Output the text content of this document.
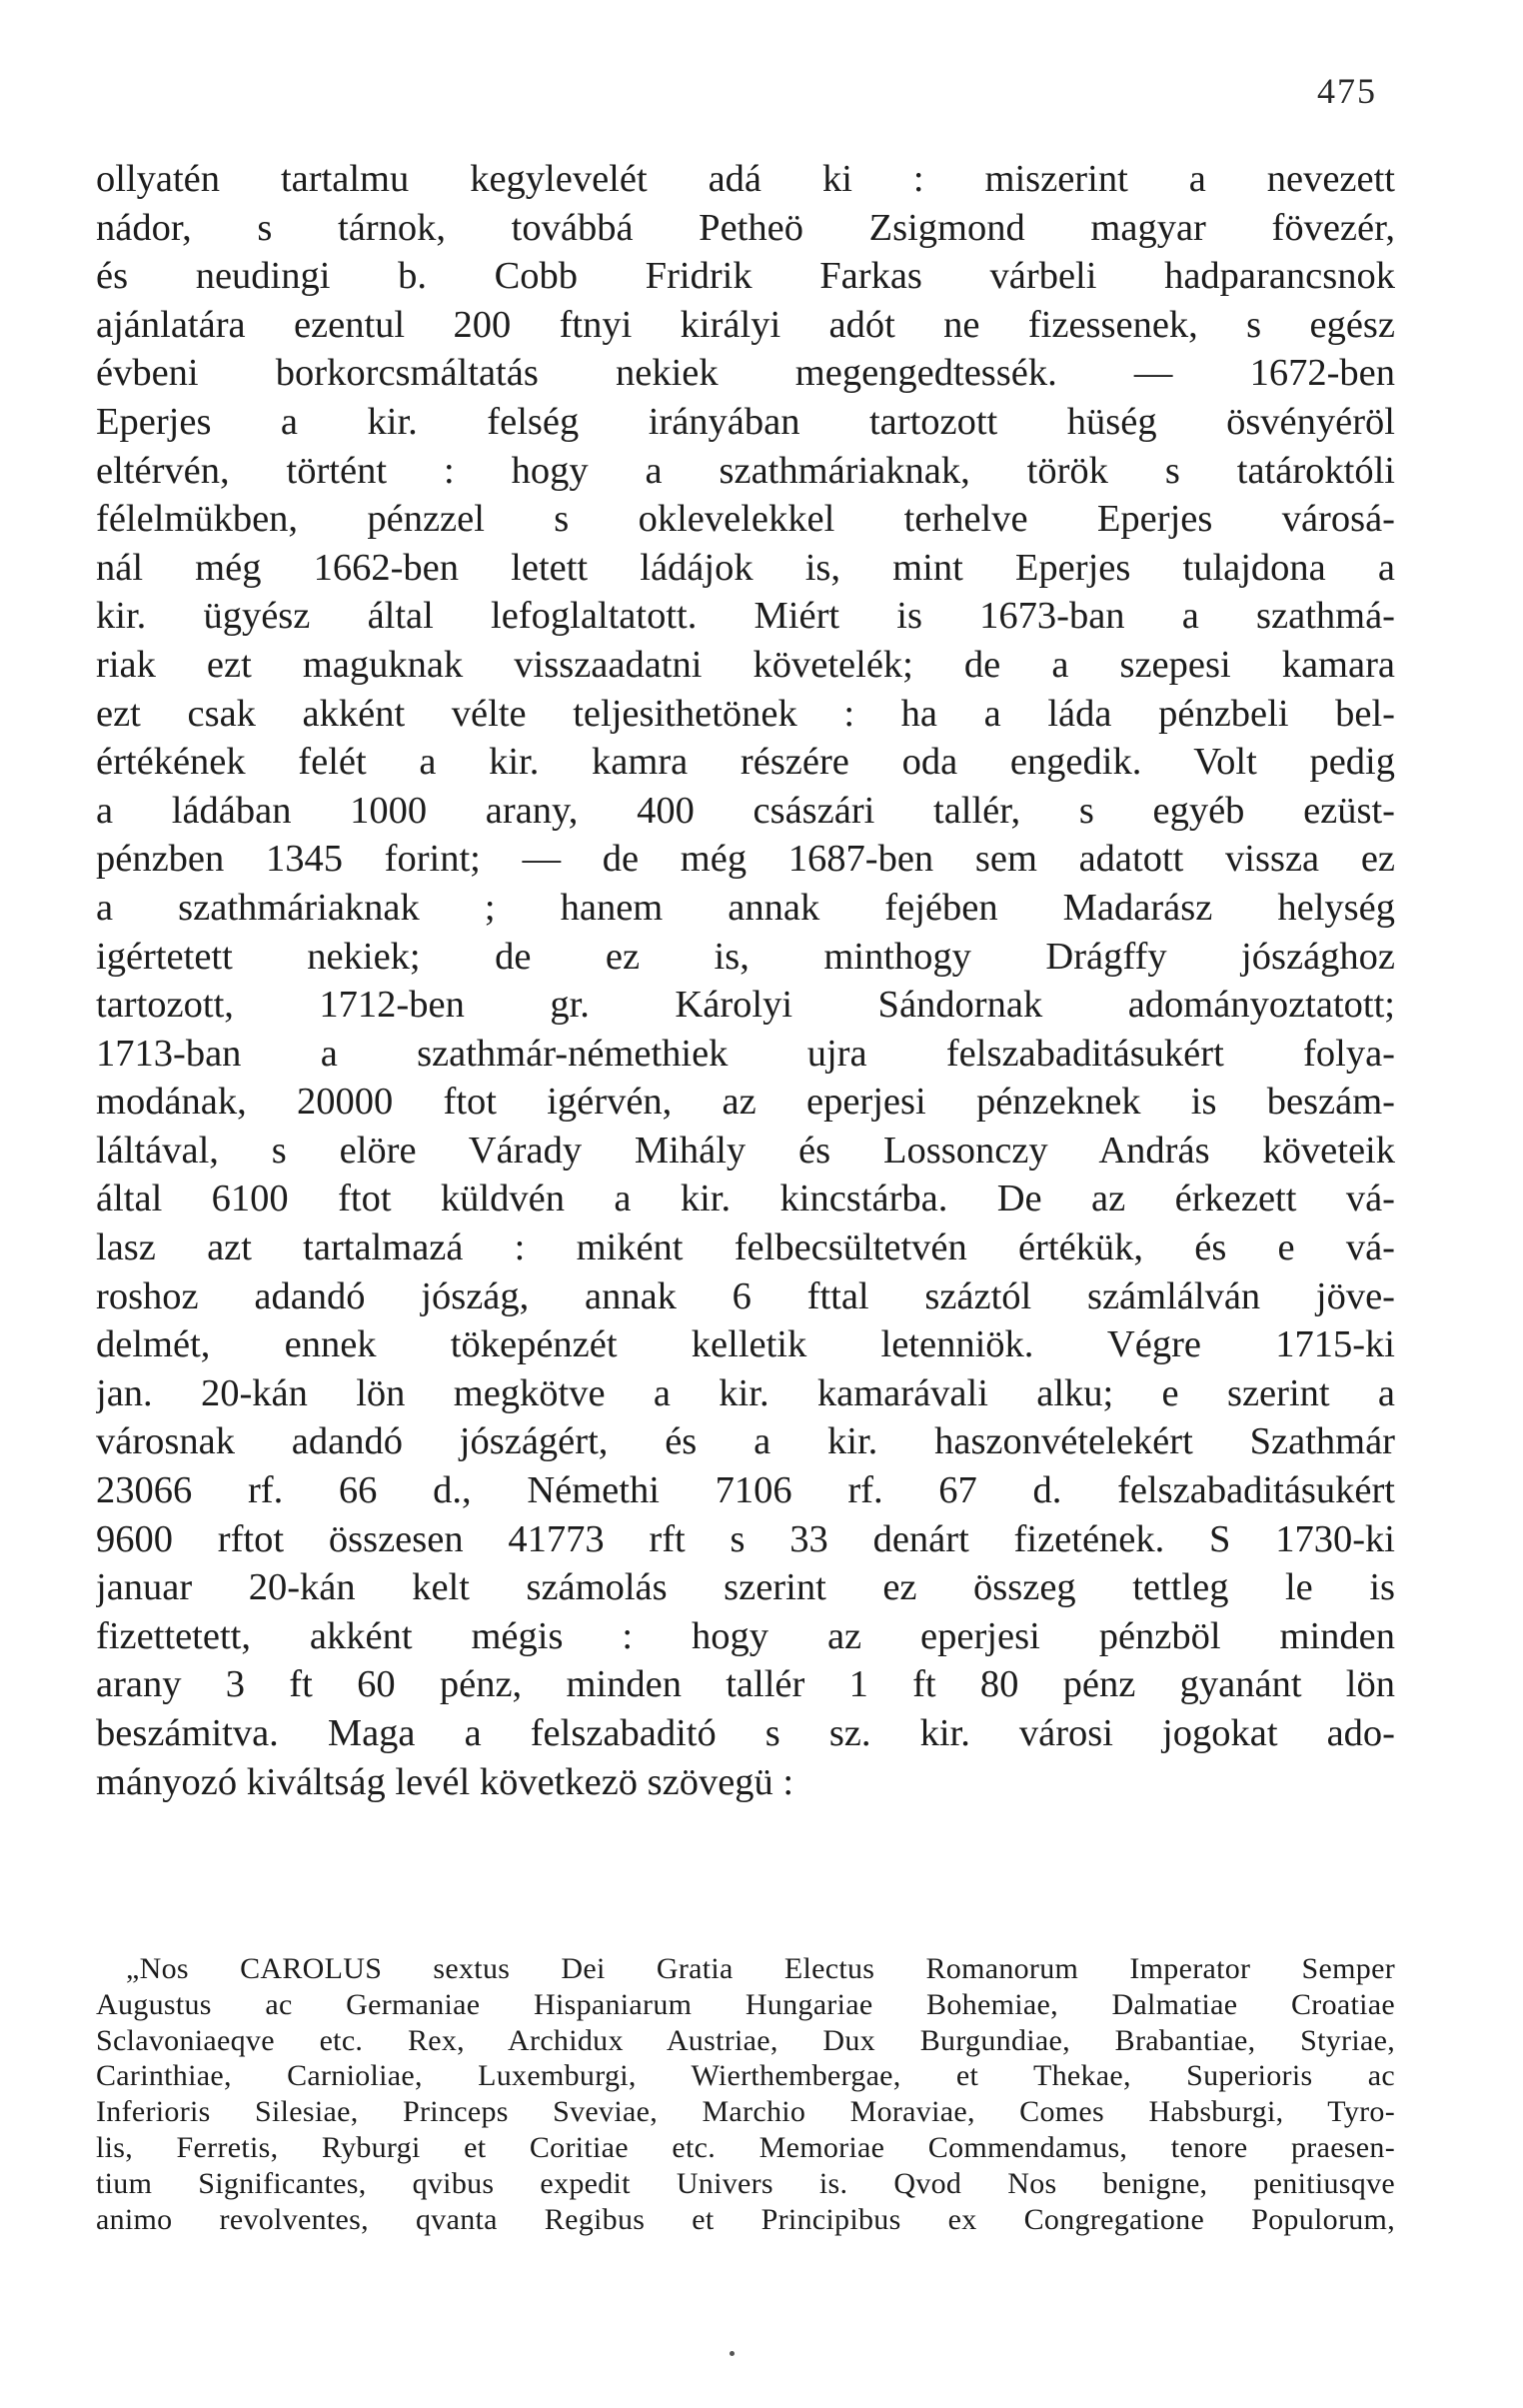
475
ollyatén tartalmu kegylevelét adá ki : miszerint a nevezett
nádor, s tárnok, továbbá Petheö Zsigmond magyar fövezér,
és neudingi b. Cobb Fridrik Farkas várbeli hadparancsnok
ajánlatára ezentul 200 ftnyi királyi adót ne fizessenek, s egész
évbeni borkorcsmáltatás nekiek megengedtessék. — 1672-ben
Eperjes a kir. felség irányában tartozott hüség ösvényéröl
eltérvén, történt : hogy a szathmáriaknak, török s tatároktóli
félelmükben, pénzzel s oklevelekkel terhelve Eperjes városá-
nál még 1662-ben letett ládájok is, mint Eperjes tulajdona a
kir. ügyész által lefoglaltatott. Miért is 1673-ban a szathmá-
riak ezt maguknak visszaadatni követelék; de a szepesi kamara
ezt csak akként vélte teljesithetönek : ha a láda pénzbeli bel-
értékének felét a kir. kamra részére oda engedik. Volt pedig
a ládában 1000 arany, 400 császári tallér, s egyéb ezüst-
pénzben 1345 forint; — de még 1687-ben sem adatott vissza ez
a szathmáriaknak ; hanem annak fejében Madarász helység
igértetett nekiek; de ez is, minthogy Drágffy jószághoz
tartozott, 1712-ben gr. Károlyi Sándornak adományoztatott;
1713-ban a szathmár-némethiek ujra felszabaditásukért folya-
modának, 20000 ftot igérvén, az eperjesi pénzeknek is beszám-
láltával, s elöre Várady Mihály és Lossonczy András követeik
által 6100 ftot küldvén a kir. kincstárba. De az érkezett vá-
lasz azt tartalmazá : miként felbecsültetvén értékük, és e vá-
roshoz adandó jószág, annak 6 fttal száztól számlálván jöve-
delmét, ennek tökepénzét kelletik letenniök. Végre 1715-ki
jan. 20-kán lön megkötve a kir. kamarávali alku; e szerint a
városnak adandó jószágért, és a kir. haszonvételekért Szathmár
23066 rf. 66 d., Némethi 7106 rf. 67 d. felszabaditásukért
9600 rftot összesen 41773 rft s 33 denárt fizetének. S 1730-ki
januar 20-kán kelt számolás szerint ez összeg tettleg le is
fizettetett, akként mégis : hogy az eperjesi pénzböl minden
arany 3 ft 60 pénz, minden tallér 1 ft 80 pénz gyanánt lön
beszámitva. Maga a felszabaditó s sz. kir. városi jogokat ado-
mányozó kiváltság levél következö szövegü :
„Nos CAROLUS sextus Dei Gratia Electus Romanorum Imperator Semper
Augustus ac Germaniae Hispaniarum Hungariae Bohemiae, Dalmatiae Croatiae
Sclavoniaeqve etc. Rex, Archidux Austriae, Dux Burgundiae, Brabantiae, Styriae,
Carinthiae, Carnioliae, Luxemburgi, Wierthembergae, et Thekae, Superioris ac
Inferioris Silesiae, Princeps Sveviae, Marchio Moraviae, Comes Habsburgi, Tyro-
lis, Ferretis, Ryburgi et Coritiae etc. Memoriae Commendamus, tenore praesen-
tium Significantes, qvibus expedit Univers is. Qvod Nos benigne, penitiusqve
animo revolventes, qvanta Regibus et Principibus ex Congregatione Populorum,
